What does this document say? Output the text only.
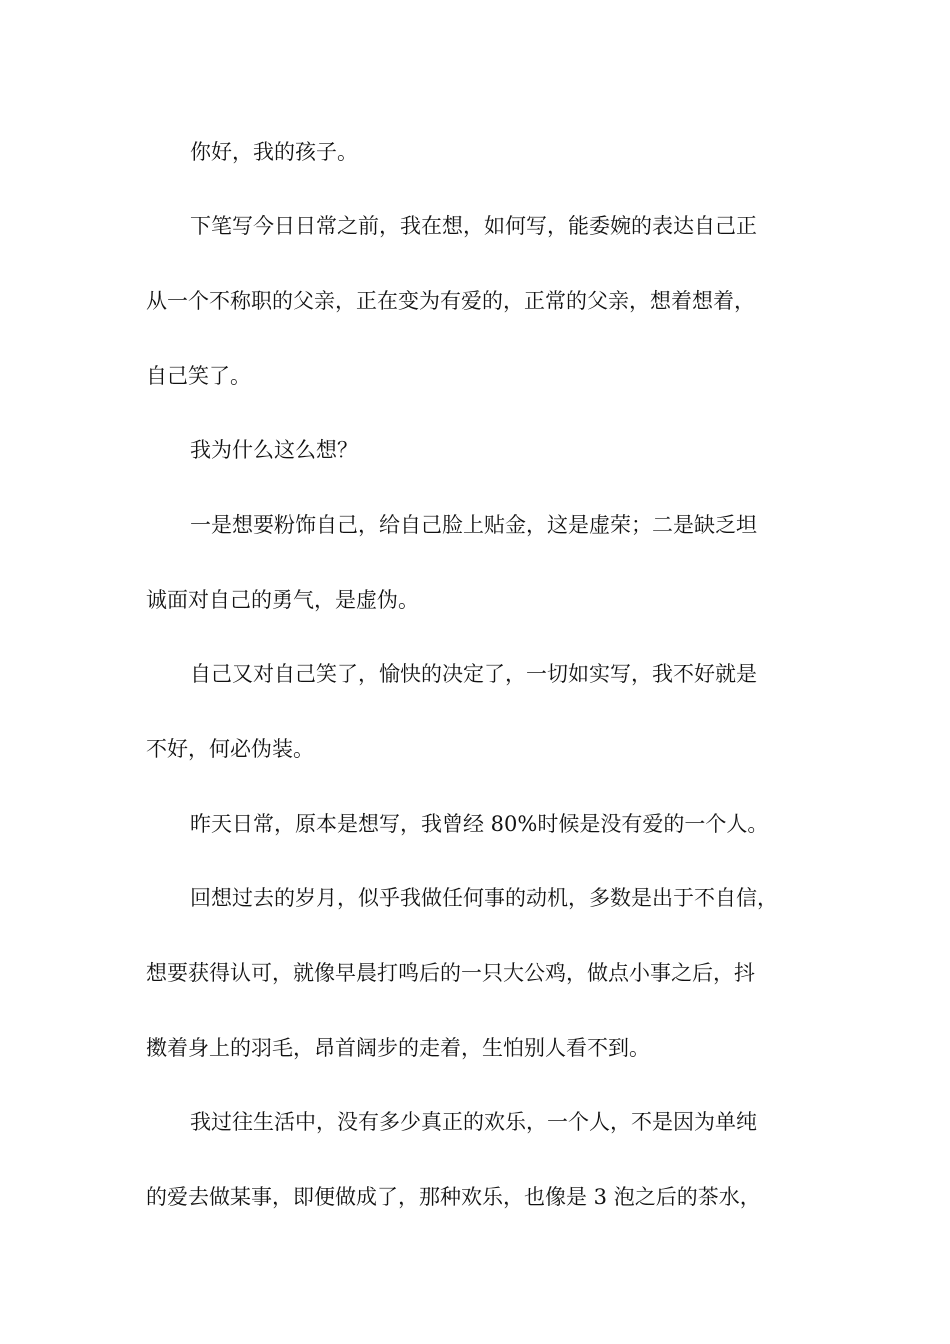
你好，我的孩子。

下笔写今日日常之前，我在想，如何写，能委婉的表达自己正

从一个不称职的父亲，正在变为有爱的，正常的父亲，想着想着，

自己笑了。

我为什么这么想？

一是想要粉饰自己，给自己脸上贴金，这是虚荣；二是缺乏坦

诚面对自己的勇气，是虚伪。

自己又对自己笑了，愉快的决定了，一切如实写，我不好就是

不好，何必伪装。

昨天日常，原本是想写，我曾经 80%时候是没有爱的一个人。

回想过去的岁月，似乎我做任何事的动机，多数是出于不自信，

想要获得认可，就像早晨打鸣后的一只大公鸡，做点小事之后，抖

擞着身上的羽毛，昂首阔步的走着，生怕别人看不到。

我过往生活中，没有多少真正的欢乐，一个人，不是因为单纯

的爱去做某事，即便做成了，那种欢乐，也像是 3 泡之后的茶水，
